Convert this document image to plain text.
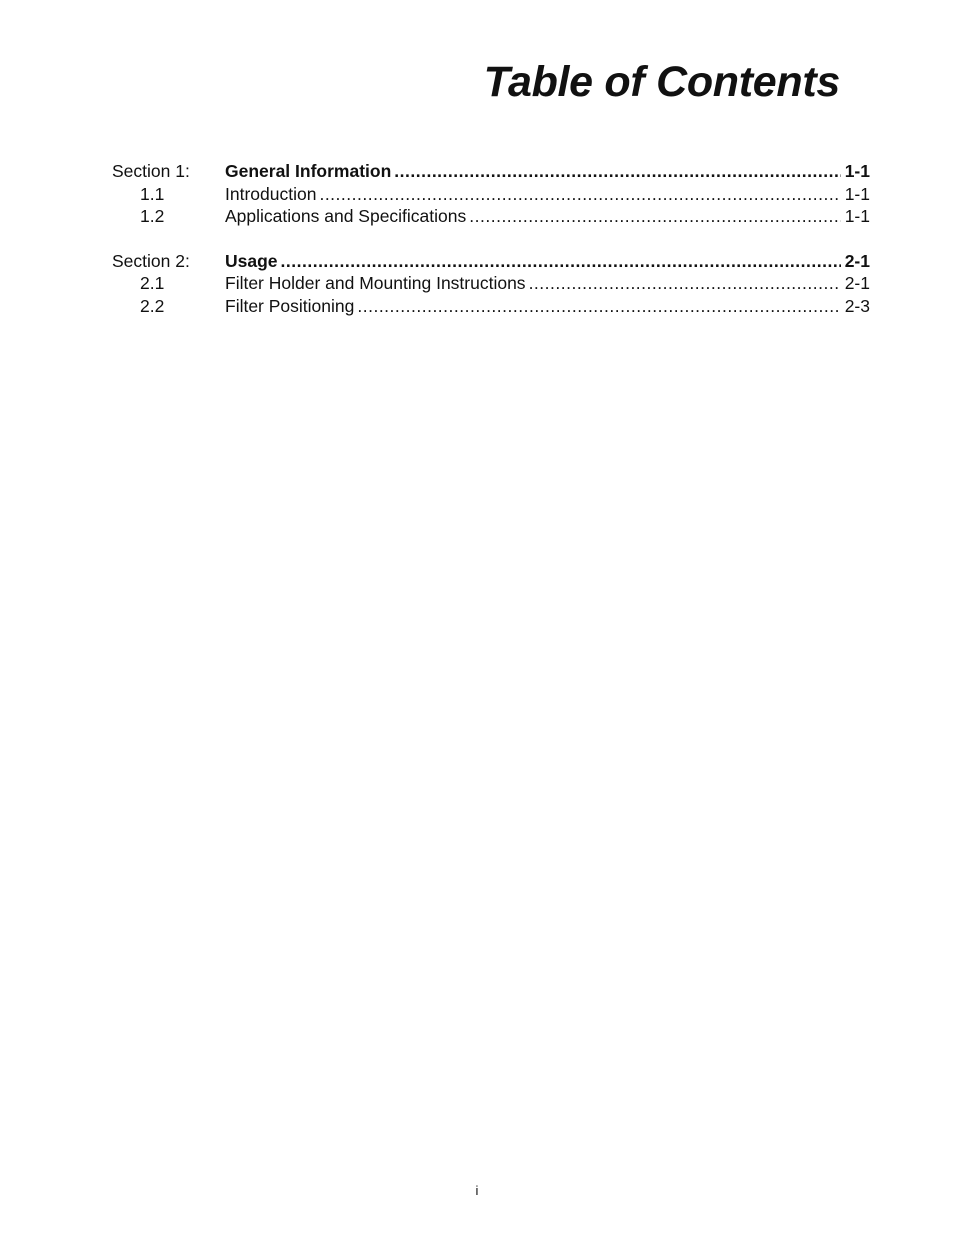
Table of Contents
Section 1:	General Information .....	1-1
1.1	Introduction .....	1-1
1.2	Applications and Specifications .....	1-1
Section 2:	Usage .....	2-1
2.1	Filter Holder and Mounting Instructions .....	2-1
2.2	Filter Positioning .....	2-3
i
